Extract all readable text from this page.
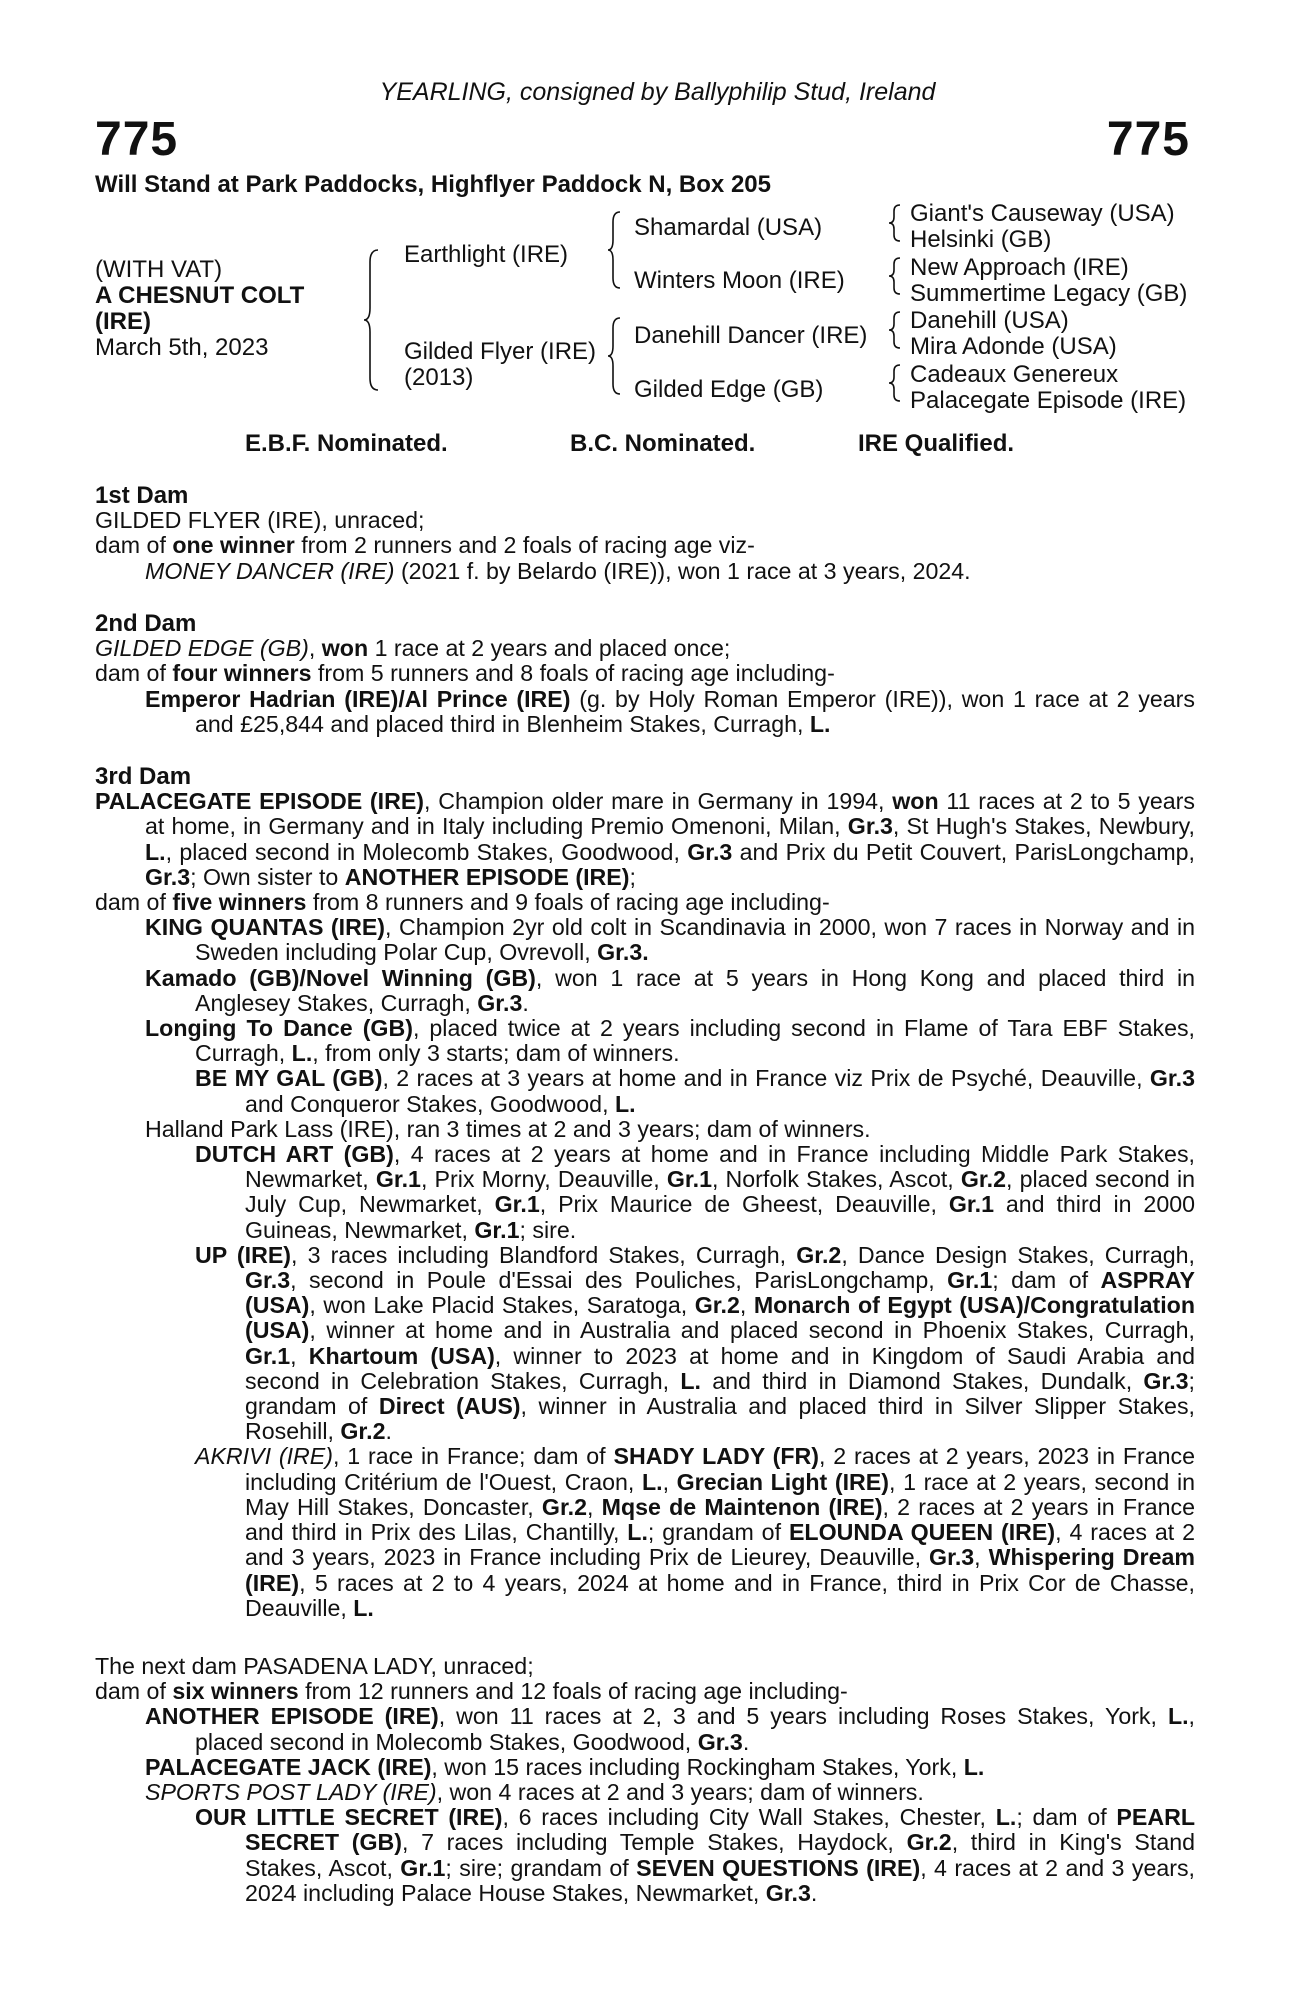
YEARLING, consigned by Ballyphilip Stud, Ireland
775	775
Will Stand at Park Paddocks, Highflyer Paddock N, Box 205
(WITH VAT)
A CHESNUT COLT
(IRE)
March 5th, 2023
Earthlight (IRE)
Gilded Flyer (IRE)
(2013)
Shamardal (USA)
Winters Moon (IRE)
Danehill Dancer (IRE)
Gilded Edge (GB)
Giant's Causeway (USA)
Helsinki (GB)
New Approach (IRE)
Summertime Legacy (GB)
Danehill (USA)
Mira Adonde (USA)
Cadeaux Genereux
Palacegate Episode (IRE)
E.B.F. Nominated.	B.C. Nominated.	IRE Qualified.

1st Dam

GILDED FLYER (IRE), unraced;

dam of one winner from 2 runners and 2 foals of racing age viz-

MONEY DANCER (IRE) (2021 f. by Belardo (IRE)), won 1 race at 3 years, 2024.

2nd Dam

GILDED EDGE (GB), won 1 race at 2 years and placed once;

dam of four winners from 5 runners and 8 foals of racing age including-

Emperor Hadrian (IRE)/Al Prince (IRE) (g. by Holy Roman Emperor (IRE)), won 1 race at 2 years and £25,844 and placed third in Blenheim Stakes, Curragh, L.

3rd Dam

PALACEGATE EPISODE (IRE), Champion older mare in Germany in 1994, won 11 races at 2 to 5 years at home, in Germany and in Italy including Premio Omenoni, Milan, Gr.3, St Hugh's Stakes, Newbury, L., placed second in Molecomb Stakes, Goodwood, Gr.3 and Prix du Petit Couvert, ParisLongchamp, Gr.3; Own sister to ANOTHER EPISODE (IRE);

dam of five winners from 8 runners and 9 foals of racing age including-

KING QUANTAS (IRE), Champion 2yr old colt in Scandinavia in 2000, won 7 races in Norway and in Sweden including Polar Cup, Ovrevoll, Gr.3.

Kamado (GB)/Novel Winning (GB), won 1 race at 5 years in Hong Kong and placed third in Anglesey Stakes, Curragh, Gr.3.

Longing To Dance (GB), placed twice at 2 years including second in Flame of Tara EBF Stakes, Curragh, L., from only 3 starts; dam of winners.

BE MY GAL (GB), 2 races at 3 years at home and in France viz Prix de Psyché, Deauville, Gr.3 and Conqueror Stakes, Goodwood, L.

Halland Park Lass (IRE), ran 3 times at 2 and 3 years; dam of winners.

DUTCH ART (GB), 4 races at 2 years at home and in France including Middle Park Stakes, Newmarket, Gr.1, Prix Morny, Deauville, Gr.1, Norfolk Stakes, Ascot, Gr.2, placed second in July Cup, Newmarket, Gr.1, Prix Maurice de Gheest, Deauville, Gr.1 and third in 2000 Guineas, Newmarket, Gr.1; sire.

UP (IRE), 3 races including Blandford Stakes, Curragh, Gr.2, Dance Design Stakes, Curragh, Gr.3, second in Poule d'Essai des Pouliches, ParisLongchamp, Gr.1; dam of ASPRAY (USA), won Lake Placid Stakes, Saratoga, Gr.2, Monarch of Egypt (USA)/Congratulation (USA), winner at home and in Australia and placed second in Phoenix Stakes, Curragh, Gr.1, Khartoum (USA), winner to 2023 at home and in Kingdom of Saudi Arabia and second in Celebration Stakes, Curragh, L. and third in Diamond Stakes, Dundalk, Gr.3; grandam of Direct (AUS), winner in Australia and placed third in Silver Slipper Stakes, Rosehill, Gr.2.

AKRIVI (IRE), 1 race in France; dam of SHADY LADY (FR), 2 races at 2 years, 2023 in France including Critérium de l'Ouest, Craon, L., Grecian Light (IRE), 1 race at 2 years, second in May Hill Stakes, Doncaster, Gr.2, Mqse de Maintenon (IRE), 2 races at 2 years in France and third in Prix des Lilas, Chantilly, L.; grandam of ELOUNDA QUEEN (IRE), 4 races at 2 and 3 years, 2023 in France including Prix de Lieurey, Deauville, Gr.3, Whispering Dream (IRE), 5 races at 2 to 4 years, 2024 at home and in France, third in Prix Cor de Chasse, Deauville, L.

The next dam PASADENA LADY, unraced;

dam of six winners from 12 runners and 12 foals of racing age including-

ANOTHER EPISODE (IRE), won 11 races at 2, 3 and 5 years including Roses Stakes, York, L., placed second in Molecomb Stakes, Goodwood, Gr.3.

PALACEGATE JACK (IRE), won 15 races including Rockingham Stakes, York, L.

SPORTS POST LADY (IRE), won 4 races at 2 and 3 years; dam of winners.

OUR LITTLE SECRET (IRE), 6 races including City Wall Stakes, Chester, L.; dam of PEARL SECRET (GB), 7 races including Temple Stakes, Haydock, Gr.2, third in King's Stand Stakes, Ascot, Gr.1; sire; grandam of SEVEN QUESTIONS (IRE), 4 races at 2 and 3 years, 2024 including Palace House Stakes, Newmarket, Gr.3.
